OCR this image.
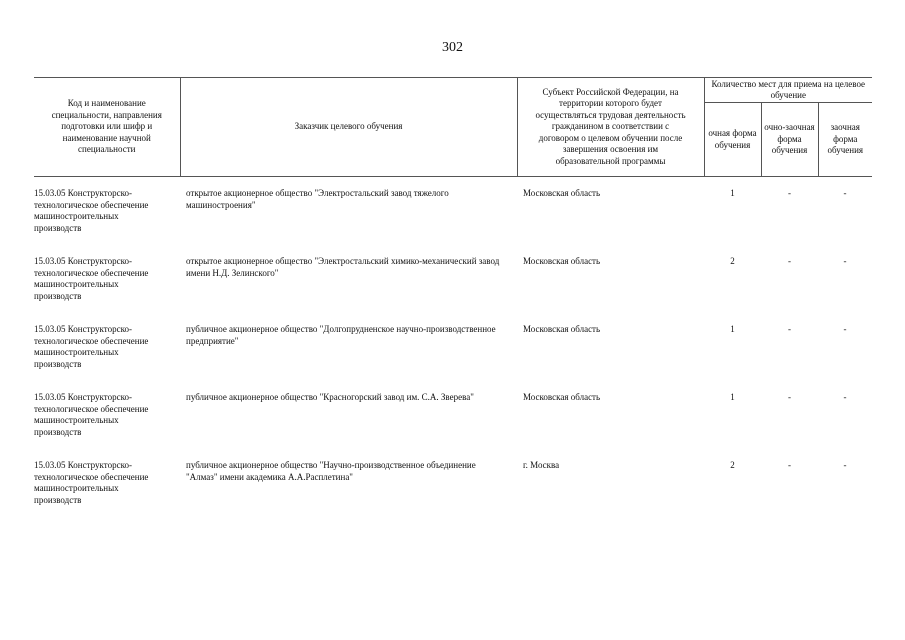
302
Код и наименование специальности, направления подготовки или шифр и наименование научной специальности	Заказчик целевого обучения	Субъект Российской Федерации, на территории которого будет осуществляться трудовая деятельность гражданином в соответствии с договором о целевом обучении после завершения освоения им образовательной программы	Количество мест для приема на целевое обучение		
			очная форма обучения	очно-заочная форма обучения	заочная форма обучения

15.03.05 Конструкторско-технологическое обеспечение машиностроительных производств	открытое акционерное общество "Электростальский завод тяжелого машиностроения"	Московская область	1	-	-
15.03.05 Конструкторско-технологическое обеспечение машиностроительных производств	открытое акционерное общество "Электростальский химико-механический завод имени Н.Д. Зелинского"	Московская область	2	-	-
15.03.05 Конструкторско-технологическое обеспечение машиностроительных производств	публичное акционерное общество "Долгопрудненское научно-производственное предприятие"	Московская область	1	-	-
15.03.05 Конструкторско-технологическое обеспечение машиностроительных производств	публичное акционерное общество "Красногорский завод им. С.А. Зверева"	Московская область	1	-	-
15.03.05 Конструкторско-технологическое обеспечение машиностроительных производств	публичное акционерное общество "Научно-производственное объединение "Алмаз" имени академика А.А.Расплетина"	г. Москва	2	-	-
